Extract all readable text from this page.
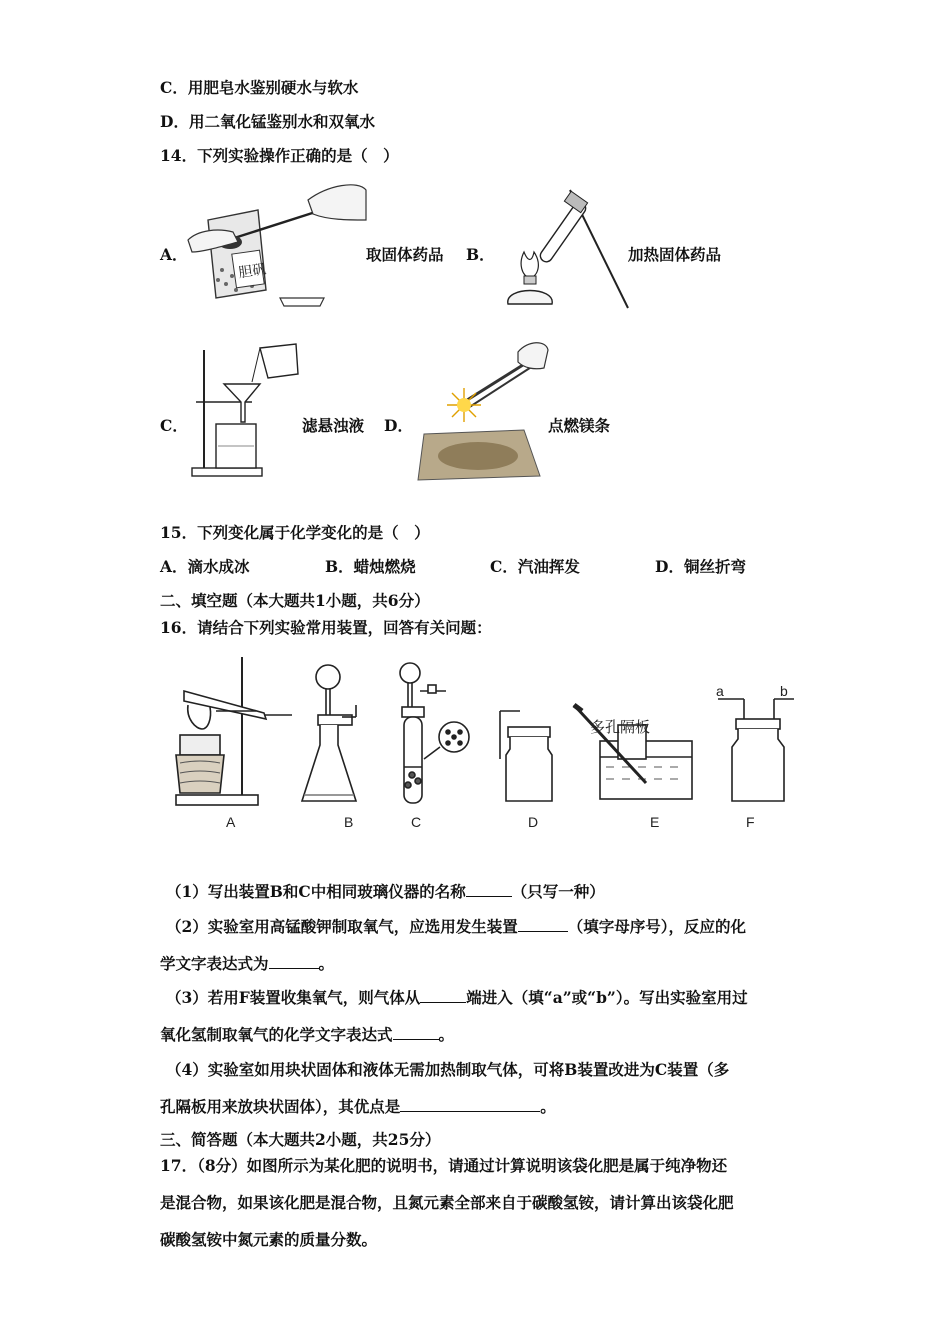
C．用肥皂水鉴别硬水与软水
D．用二氧化锰鉴别水和双氧水
14．下列实验操作正确的是（　）
A．
胆矾
取固体药品 B．	加热固体药品
C．	滤悬浊液 D．	点燃镁条
15．下列变化属于化学变化的是（　）
A．滴水成冰	B．蜡烛燃烧	C．汽油挥发	D．铜丝折弯
二、填空题（本大题共1小题，共6分）
16．请结合下列实验常用装置，回答有关问题：
多孔隔板
a	b
A	B	C	D	E	F
（1）写出装置B和C中相同玻璃仪器的名称	（只写一种）
（2）实验室用高锰酸钾制取氧气，应选用发生装置	（填字母序号），反应的化
学文字表达式为	。
（3）若用F装置收集氧气，则气体从	端进入（填“a”或“b”）。写出实验室用过
氧化氢制取氧气的化学文字表达式	。
（4）实验室如用块状固体和液体无需加热制取气体，可将B装置改进为C装置（多
孔隔板用来放块状固体），其优点是	。
三、简答题（本大题共2小题，共25分）
17．（8分）如图所示为某化肥的说明书，请通过计算说明该袋化肥是属于纯净物还
是混合物，如果该化肥是混合物，且氮元素全部来自于碳酸氢铵，请计算出该袋化肥
碳酸氢铵中氮元素的质量分数。
